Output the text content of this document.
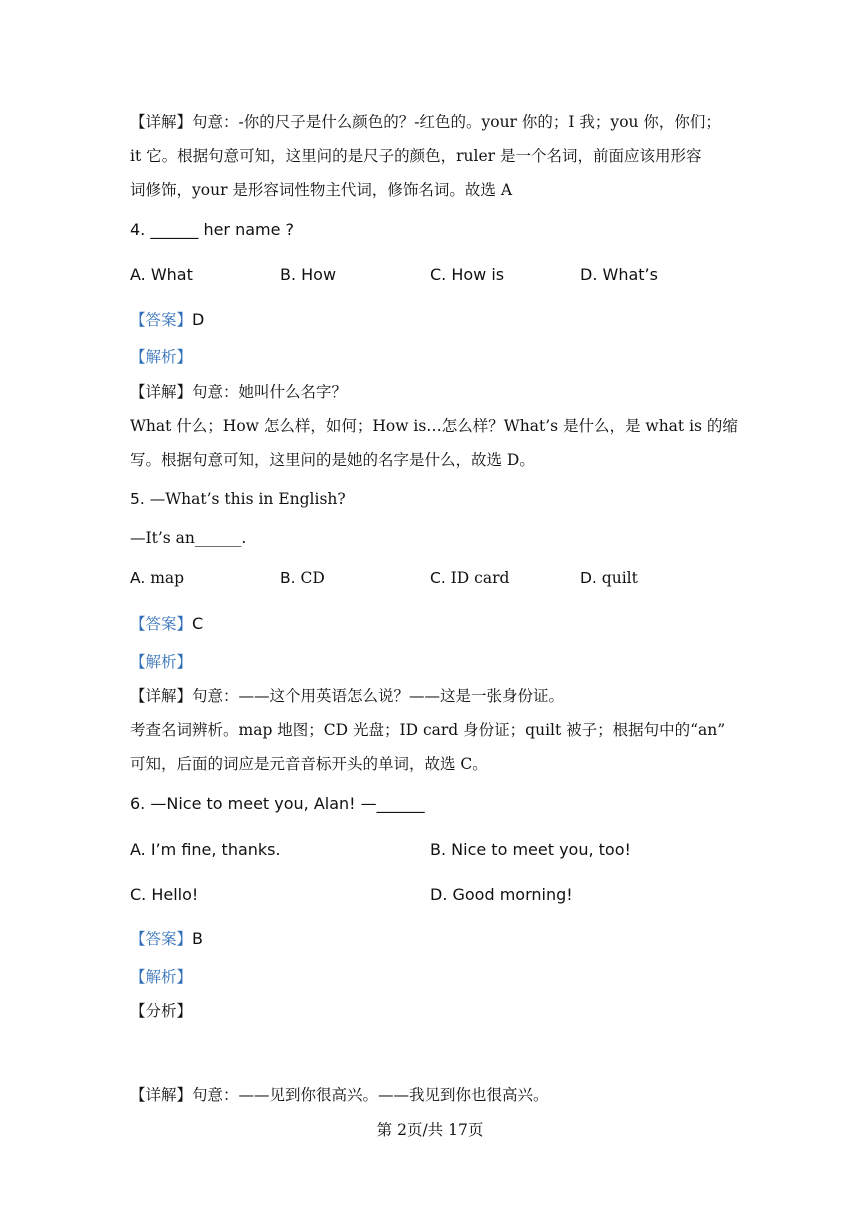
【详解】句意：-你的尺子是什么颜色的？-红色的。your 你的；I 我；you 你，你们；
it 它。根据句意可知，这里问的是尺子的颜色，ruler 是一个名词，前面应该用形容
词修饰，your 是形容词性物主代词，修饰名词。故选 A
4. ______ her name ?
A. What	B. How	C. How is	D. What’s
【答案】D
【解析】
【详解】句意：她叫什么名字？
What 什么；How 怎么样，如何；How is…怎么样？What’s 是什么，是 what is 的缩
写。根据句意可知，这里问的是她的名字是什么，故选 D。
5. —What’s this in English?
—It’s an______.
A. map	B. CD	C. ID card	D. quilt
【答案】C
【解析】
【详解】句意：——这个用英语怎么说？——这是一张身份证。
考查名词辨析。map 地图；CD 光盘；ID card 身份证；quilt 被子；根据句中的“an”
可知，后面的词应是元音音标开头的单词，故选 C。
6. —Nice to meet you, Alan! —______
A. I’m fine, thanks.	B. Nice to meet you, too!
C. Hello!	D. Good morning!
【答案】B
【解析】
【分析】
【详解】句意：——见到你很高兴。——我见到你也很高兴。
第 2页/共 17页
